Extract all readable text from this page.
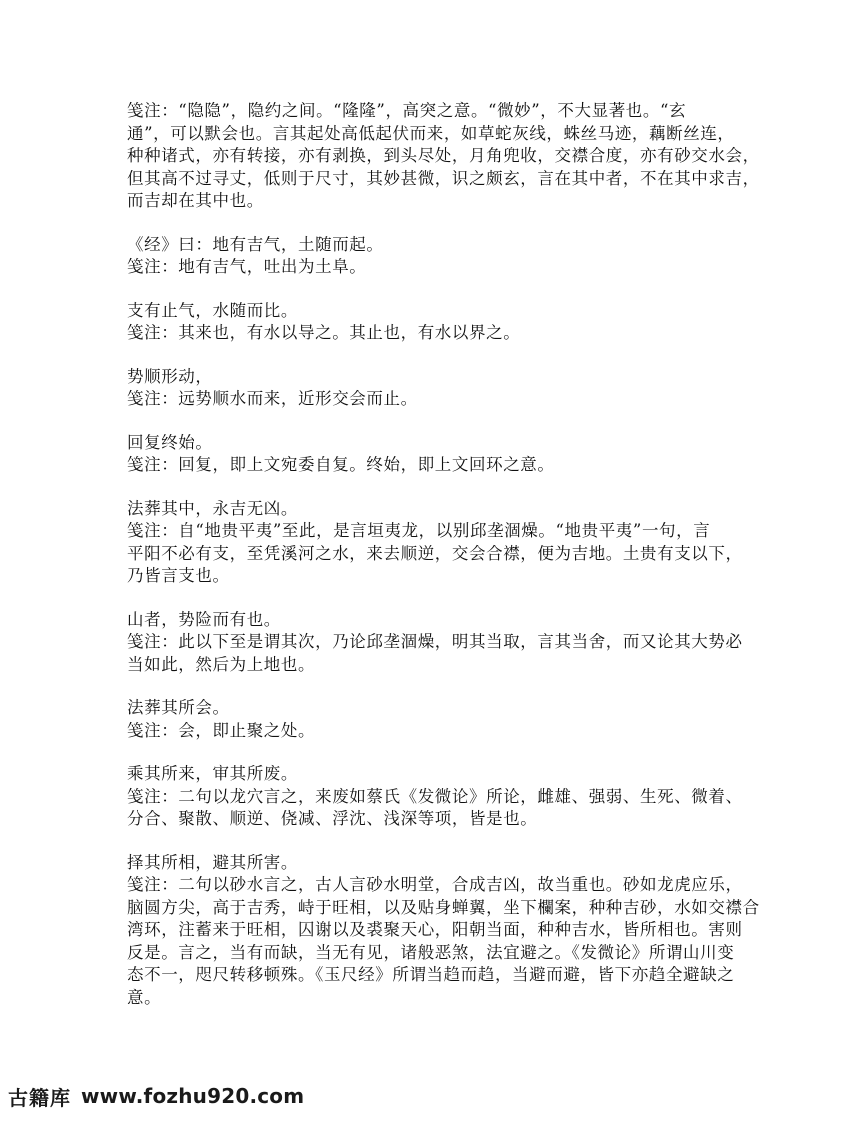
笺注：“隐隐”，隐约之间。“隆隆”，高突之意。“微妙”，不大显著也。“玄
通”，可以默会也。言其起处高低起伏而来，如草蛇灰线，蛛丝马迹，藕断丝连，
种种诸式，亦有转接，亦有剥换，到头尽处，月角兜收，交襟合度，亦有砂交水会，
但其高不过寻丈，低则于尺寸，其妙甚微，识之颇玄，言在其中者，不在其中求吉，
而吉却在其中也。
《经》曰：地有吉气，土随而起。
笺注：地有吉气，吐出为土阜。
支有止气，水随而比。
笺注：其来也，有水以导之。其止也，有水以界之。
势顺形动，
笺注：远势顺水而来，近形交会而止。
回复终始。
笺注：回复，即上文宛委自复。终始，即上文回环之意。
法葬其中，永吉无凶。
笺注：自“地贵平夷”至此，是言垣夷龙，以别邱垄涸燥。“地贵平夷”一句，言
平阳不必有支，至凭溪河之水，来去顺逆，交会合襟，便为吉地。土贵有支以下，
乃皆言支也。
山者，势险而有也。
笺注：此以下至是谓其次，乃论邱垄涸燥，明其当取，言其当舍，而又论其大势必
当如此，然后为上地也。
法葬其所会。
笺注：会，即止聚之处。
乘其所来，审其所废。
笺注：二句以龙穴言之，来废如蔡氏《发微论》所论，雌雄、强弱、生死、微着、
分合、聚散、顺逆、侥减、浮沈、浅深等项，皆是也。
择其所相，避其所害。
笺注：二句以砂水言之，古人言砂水明堂，合成吉凶，故当重也。砂如龙虎应乐，
脑圆方尖，高于吉秀，峙于旺相，以及贴身蝉翼，坐下欄案，种种吉砂，水如交襟合
湾环，注蓄来于旺相，囚谢以及裘聚天心，阳朝当面，种种吉水，皆所相也。害则
反是。言之，当有而缺，当无有见，诸般恶煞，法宜避之。《发微论》所谓山川变
态不一，咫尺转移顿殊。《玉尺经》所谓当趋而趋，当避而避，皆下亦趋全避缺之
意。
古籍库 www.fozhu920.com
